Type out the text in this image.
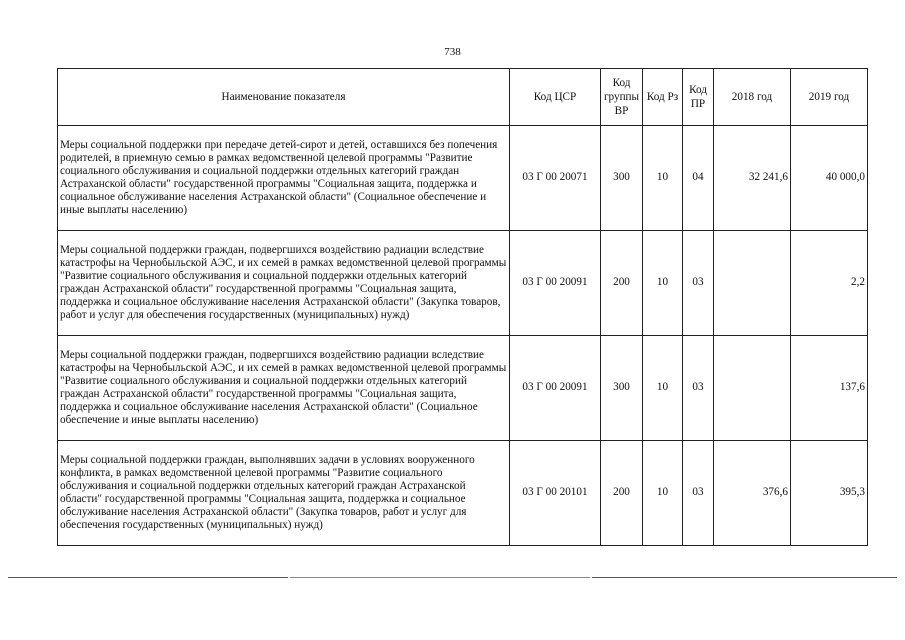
738
Наименование показателя	Код ЦСР	Код группы ВР	Код Рз	Код ПР	2018 год	2019 год
Меры социальной поддержки при передаче детей-сирот и детей, оставшихся без попечения родителей, в приемную семью в рамках ведомственной целевой программы "Развитие социального обслуживания и социальной поддержки отдельных категорий граждан Астраханской области" государственной программы "Социальная защита, поддержка и социальное обслуживание населения Астраханской области" (Социальное обеспечение и иные выплаты населению)	03 Г 00 20071	300	10	04	32 241,6	40 000,0
Меры социальной поддержки граждан, подвергшихся воздействию радиации вследствие катастрофы на Чернобыльской АЭС, и их семей в рамках ведомственной целевой программы "Развитие социального обслуживания и социальной поддержки отдельных категорий граждан Астраханской области" государственной программы "Социальная защита, поддержка и социальное обслуживание населения Астраханской области" (Закупка товаров, работ и услуг для обеспечения государственных (муниципальных) нужд)	03 Г 00 20091	200	10	03		2,2
Меры социальной поддержки граждан, подвергшихся воздействию радиации вследствие катастрофы на Чернобыльской АЭС, и их семей в рамках ведомственной целевой программы "Развитие социального обслуживания и социальной поддержки отдельных категорий граждан Астраханской области" государственной программы "Социальная защита, поддержка и социальное обслуживание населения Астраханской области" (Социальное обеспечение и иные выплаты населению)	03 Г 00 20091	300	10	03		137,6
Меры социальной поддержки граждан, выполнявших задачи в условиях вооруженного конфликта, в рамках ведомственной целевой программы "Развитие социального обслуживания и социальной поддержки отдельных категорий граждан Астраханской области" государственной программы "Социальная защита, поддержка и социальное обслуживание населения Астраханской области" (Закупка товаров, работ и услуг для обеспечения государственных (муниципальных) нужд)	03 Г 00 20101	200	10	03	376,6	395,3
